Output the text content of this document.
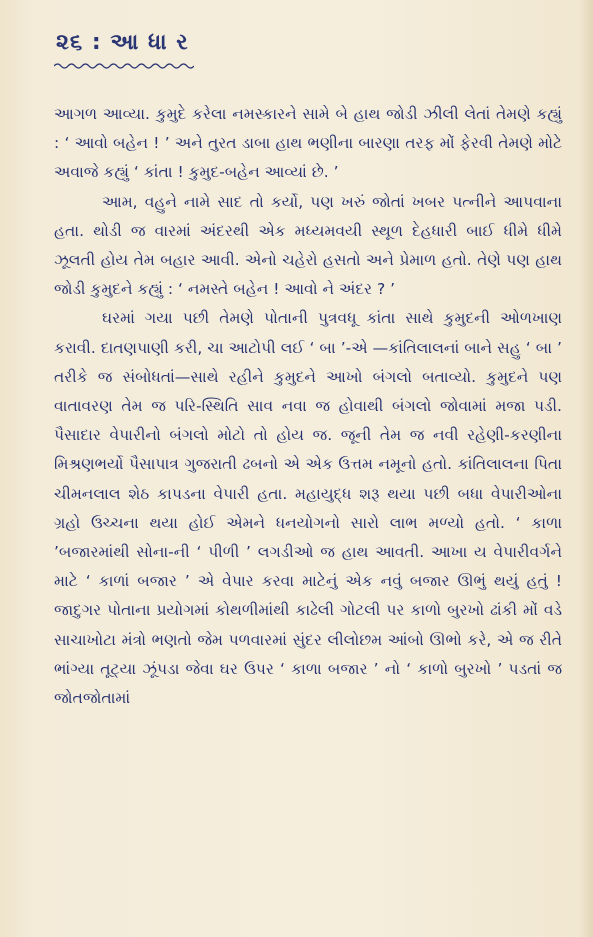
૨૬ : આ ધા ર

આગળ આવ્યા. કુમુદે કરેલા નમસ્કારને સામે બે હાથ જોડી ઝીલી લેતાં તેમણે કહ્યું : ‘ આવો બહેન ! ’ અને તુરત ડાબા હાથ ભણીના બારણા તરફ મોં ફેરવી તેમણે મોટે અવાજે કહ્યું ‘ કાંતા ! કુમુદ-બહેન આવ્યાં છે. ’

આમ, વહુને નામે સાદ તો કર્યો, પણ ખરું જોતાં ખબર પત્નીને આપવાના હતા. થોડી જ વારમાં અંદરથી એક મધ્યમવયી સ્થૂળ દેહધારી બાઈ ધીમે ધીમે ઝૂલતી હોય તેમ બહાર આવી. એનો ચહેરો હસતો અને પ્રેમાળ હતો. તેણે પણ હાથ જોડી કુમુદને કહ્યું : ‘ નમસ્તે બહેન ! આવો ને અંદર ? ’

ઘરમાં ગયા પછી તેમણે પોતાની પુત્રવધૂ કાંતા સાથે કુમુદની ઓળખાણ કરાવી. દાતણપાણી કરી, ચા આટોપી લઈ ‘ બા ’-એ —કાંતિલાલનાં બાને સહુ ‘ બા ’ તરીકે જ સંબોધતાં—સાથે રહીને કુમુદને આખો બંગલો બતાવ્યો. કુમુદને પણ વાતાવરણ તેમ જ પરિ-સ્થિતિ સાવ નવા જ હોવાથી બંગલો જોવામાં મજા પડી. પૈસાદાર વેપારીનો બંગલો મોટો તો હોય જ. જૂની તેમ જ નવી રહેણી-કરણીના મિશ્રણભર્યો પૈસાપાત્ર ગુજરાતી ઢબનો એ એક ઉત્તમ નમૂનો હતો. કાંતિલાલના પિતા ચીમનલાલ શેઠ કાપડના વેપારી હતા. મહાયુદ્ધ શરૂ થયા પછી બધા વેપારીઓના ગ્રહો ઉચ્ચના થયા હોઈ એમને ધનયોગનો સારો લાભ મળ્યો હતો. ‘ કાળા ’બજારમાંથી સોના-ની ‘ પીળી ’ લગડીઓ જ હાથ આવતી. આખા ય વેપારીવર્ગને માટે ‘ કાળાં બજાર ’ એ વેપાર કરવા માટેનું એક નવું બજાર ઊભું થયું હતું ! જાદુગર પોતાના પ્રયોગમાં કોથળીમાંથી કાઢેલી ગોટલી પર કાળો બુરખો ઢાંકી મોં વડે સાચાખોટા મંત્રો ભણતો જેમ પળવારમાં સુંદર લીલોછમ આંબો ઊભો કરે, એ જ રીતે ભાંગ્યા તૂટ્યા ઝૂંપડા જેવા ઘર ઉપર ‘ કાળા બજાર ’ નો ‘ કાળો બુરખો ’ પડતાં જ જોતજોતામાં
